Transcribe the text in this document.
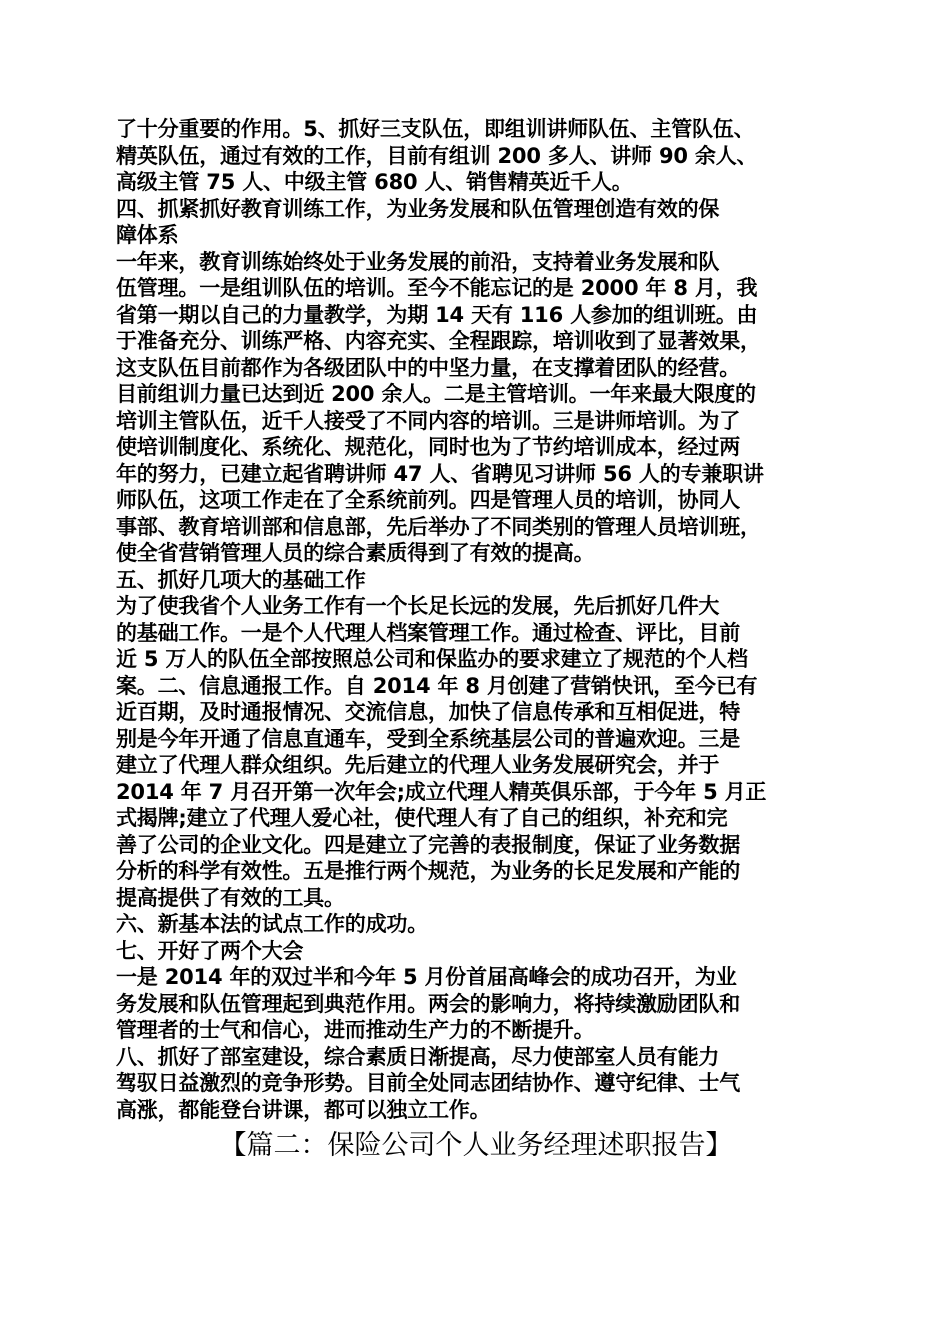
了十分重要的作用。5、抓好三支队伍，即组训讲师队伍、主管队伍、
精英队伍，通过有效的工作，目前有组训 200 多人、讲师 90 余人、
高级主管 75 人、中级主管 680 人、销售精英近千人。
四、抓紧抓好教育训练工作，为业务发展和队伍管理创造有效的保
障体系
一年来，教育训练始终处于业务发展的前沿，支持着业务发展和队
伍管理。一是组训队伍的培训。至今不能忘记的是 2000 年 8 月，我
省第一期以自己的力量教学，为期 14 天有 116 人参加的组训班。由
于准备充分、训练严格、内容充实、全程跟踪，培训收到了显著效果，
这支队伍目前都作为各级团队中的中坚力量，在支撑着团队的经营。
目前组训力量已达到近 200 余人。二是主管培训。一年来最大限度的
培训主管队伍，近千人接受了不同内容的培训。三是讲师培训。为了
使培训制度化、系统化、规范化，同时也为了节约培训成本，经过两
年的努力，已建立起省聘讲师 47 人、省聘见习讲师 56 人的专兼职讲
师队伍，这项工作走在了全系统前列。四是管理人员的培训，协同人
事部、教育培训部和信息部，先后举办了不同类别的管理人员培训班，
使全省营销管理人员的综合素质得到了有效的提高。
五、抓好几项大的基础工作
为了使我省个人业务工作有一个长足长远的发展，先后抓好几件大
的基础工作。一是个人代理人档案管理工作。通过检查、评比，目前
近 5 万人的队伍全部按照总公司和保监办的要求建立了规范的个人档
案。二、信息通报工作。自 2014 年 8 月创建了营销快讯，至今已有
近百期，及时通报情况、交流信息，加快了信息传承和互相促进，特
别是今年开通了信息直通车，受到全系统基层公司的普遍欢迎。三是
建立了代理人群众组织。先后建立的代理人业务发展研究会，并于
2014 年 7 月召开第一次年会;成立代理人精英俱乐部，于今年 5 月正
式揭牌;建立了代理人爱心社，使代理人有了自己的组织，补充和完
善了公司的企业文化。四是建立了完善的表报制度，保证了业务数据
分析的科学有效性。五是推行两个规范，为业务的长足发展和产能的
提高提供了有效的工具。
六、新基本法的试点工作的成功。
七、开好了两个大会
一是 2014 年的双过半和今年 5 月份首届高峰会的成功召开，为业
务发展和队伍管理起到典范作用。两会的影响力，将持续激励团队和
管理者的士气和信心，进而推动生产力的不断提升。
八、抓好了部室建设，综合素质日渐提高，尽力使部室人员有能力
驾驭日益激烈的竞争形势。目前全处同志团结协作、遵守纪律、士气
高涨，都能登台讲课，都可以独立工作。
【篇二：保险公司个人业务经理述职报告】
